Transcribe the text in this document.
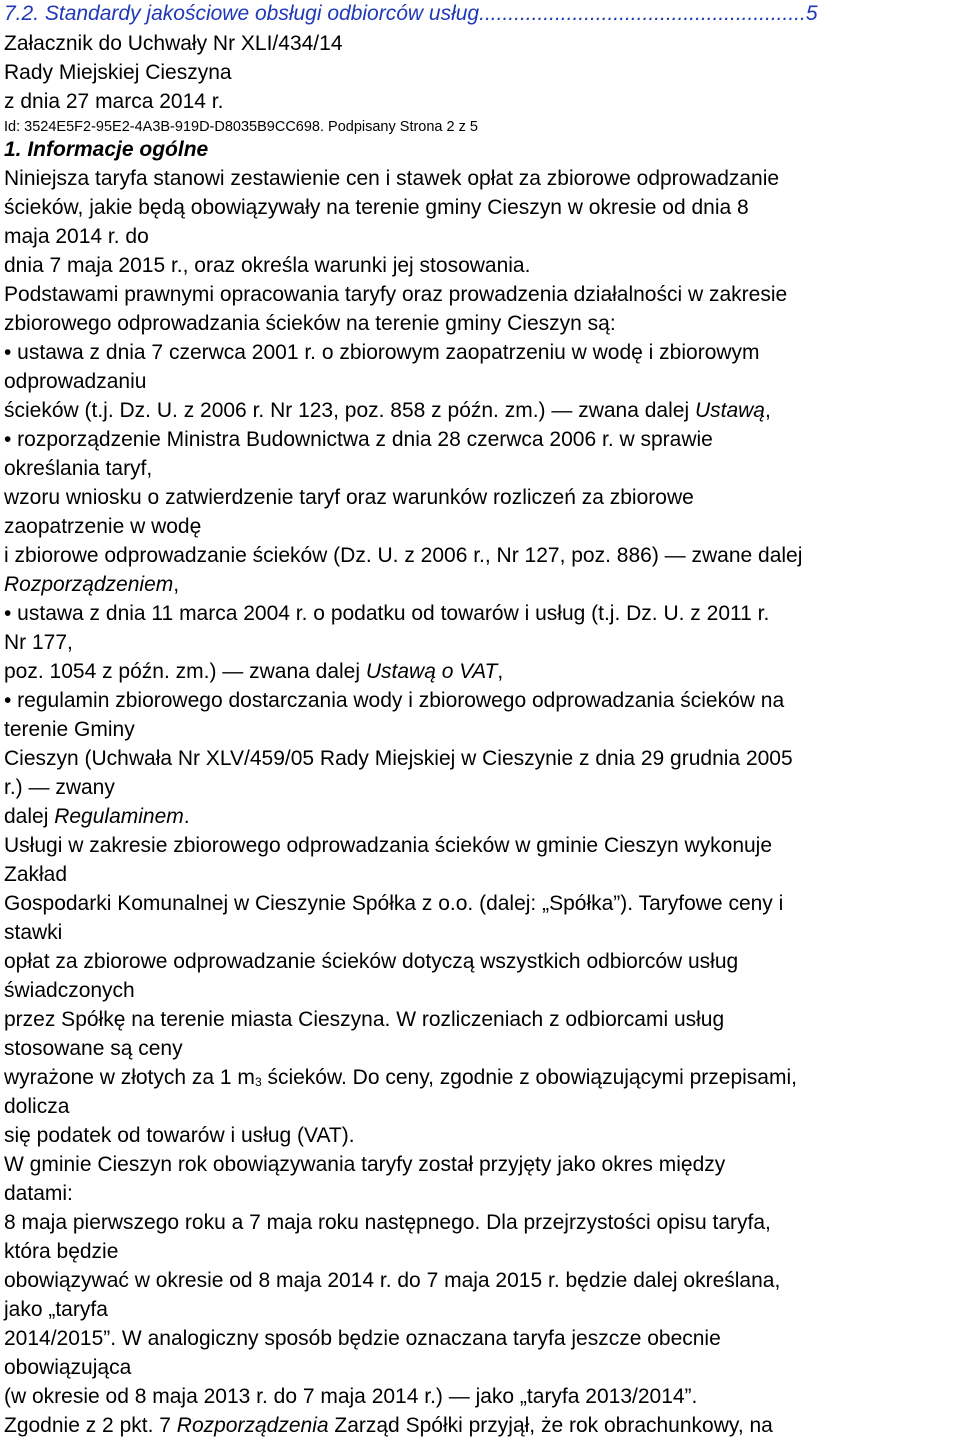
7.2. Standardy jakościowe obsługi odbiorców usług........................................................5
Załacznik do Uchwały Nr XLI/434/14
Rady Miejskiej Cieszyna
z dnia 27 marca 2014 r.
Id: 3524E5F2-95E2-4A3B-919D-D8035B9CC698. Podpisany Strona 2 z 5
1. Informacje ogólne
Niniejsza taryfa stanowi zestawienie cen i stawek opłat za zbiorowe odprowadzanie
ścieków, jakie będą obowiązywały na terenie gminy Cieszyn w okresie od dnia 8
maja 2014 r. do
dnia 7 maja 2015 r., oraz określa warunki jej stosowania.
Podstawami prawnymi opracowania taryfy oraz prowadzenia działalności w zakresie
zbiorowego odprowadzania ścieków na terenie gminy Cieszyn są:
• ustawa z dnia 7 czerwca 2001 r. o zbiorowym zaopatrzeniu w wodę i zbiorowym
odprowadzaniu
ścieków (t.j. Dz. U. z 2006 r. Nr 123, poz. 858 z późn. zm.) ― zwana dalej Ustawą,
• rozporządzenie Ministra Budownictwa z dnia 28 czerwca 2006 r. w sprawie
określania taryf,
wzoru wniosku o zatwierdzenie taryf oraz warunków rozliczeń za zbiorowe
zaopatrzenie w wodę
i zbiorowe odprowadzanie ścieków (Dz. U. z 2006 r., Nr 127, poz. 886) ― zwane dalej
Rozporządzeniem,
• ustawa z dnia 11 marca 2004 r. o podatku od towarów i usług (t.j. Dz. U. z 2011 r.
Nr 177,
poz. 1054 z późn. zm.) ― zwana dalej Ustawą o VAT,
• regulamin zbiorowego dostarczania wody i zbiorowego odprowadzania ścieków na
terenie Gminy
Cieszyn (Uchwała Nr XLV/459/05 Rady Miejskiej w Cieszynie z dnia 29 grudnia 2005
r.) ― zwany
dalej Regulaminem.
Usługi w zakresie zbiorowego odprowadzania ścieków w gminie Cieszyn wykonuje
Zakład
Gospodarki Komunalnej w Cieszynie Spółka z o.o. (dalej: „Spółka”). Taryfowe ceny i
stawki
opłat za zbiorowe odprowadzanie ścieków dotyczą wszystkich odbiorców usług
świadczonych
przez Spółkę na terenie miasta Cieszyna. W rozliczeniach z odbiorcami usług
stosowane są ceny
wyrażone w złotych za 1 m3 ścieków. Do ceny, zgodnie z obowiązującymi przepisami,
dolicza
się podatek od towarów i usług (VAT).
W gminie Cieszyn rok obowiązywania taryfy został przyjęty jako okres między
datami:
8 maja pierwszego roku a 7 maja roku następnego. Dla przejrzystości opisu taryfa,
która będzie
obowiązywać w okresie od 8 maja 2014 r. do 7 maja 2015 r. będzie dalej określana,
jako „taryfa
2014/2015”. W analogiczny sposób będzie oznaczana taryfa jeszcze obecnie
obowiązująca
(w okresie od 8 maja 2013 r. do 7 maja 2014 r.) ― jako „taryfa 2013/2014”.
Zgodnie z 2 pkt. 7 Rozporządzenia Zarząd Spółki przyjął, że rok obrachunkowy, na
